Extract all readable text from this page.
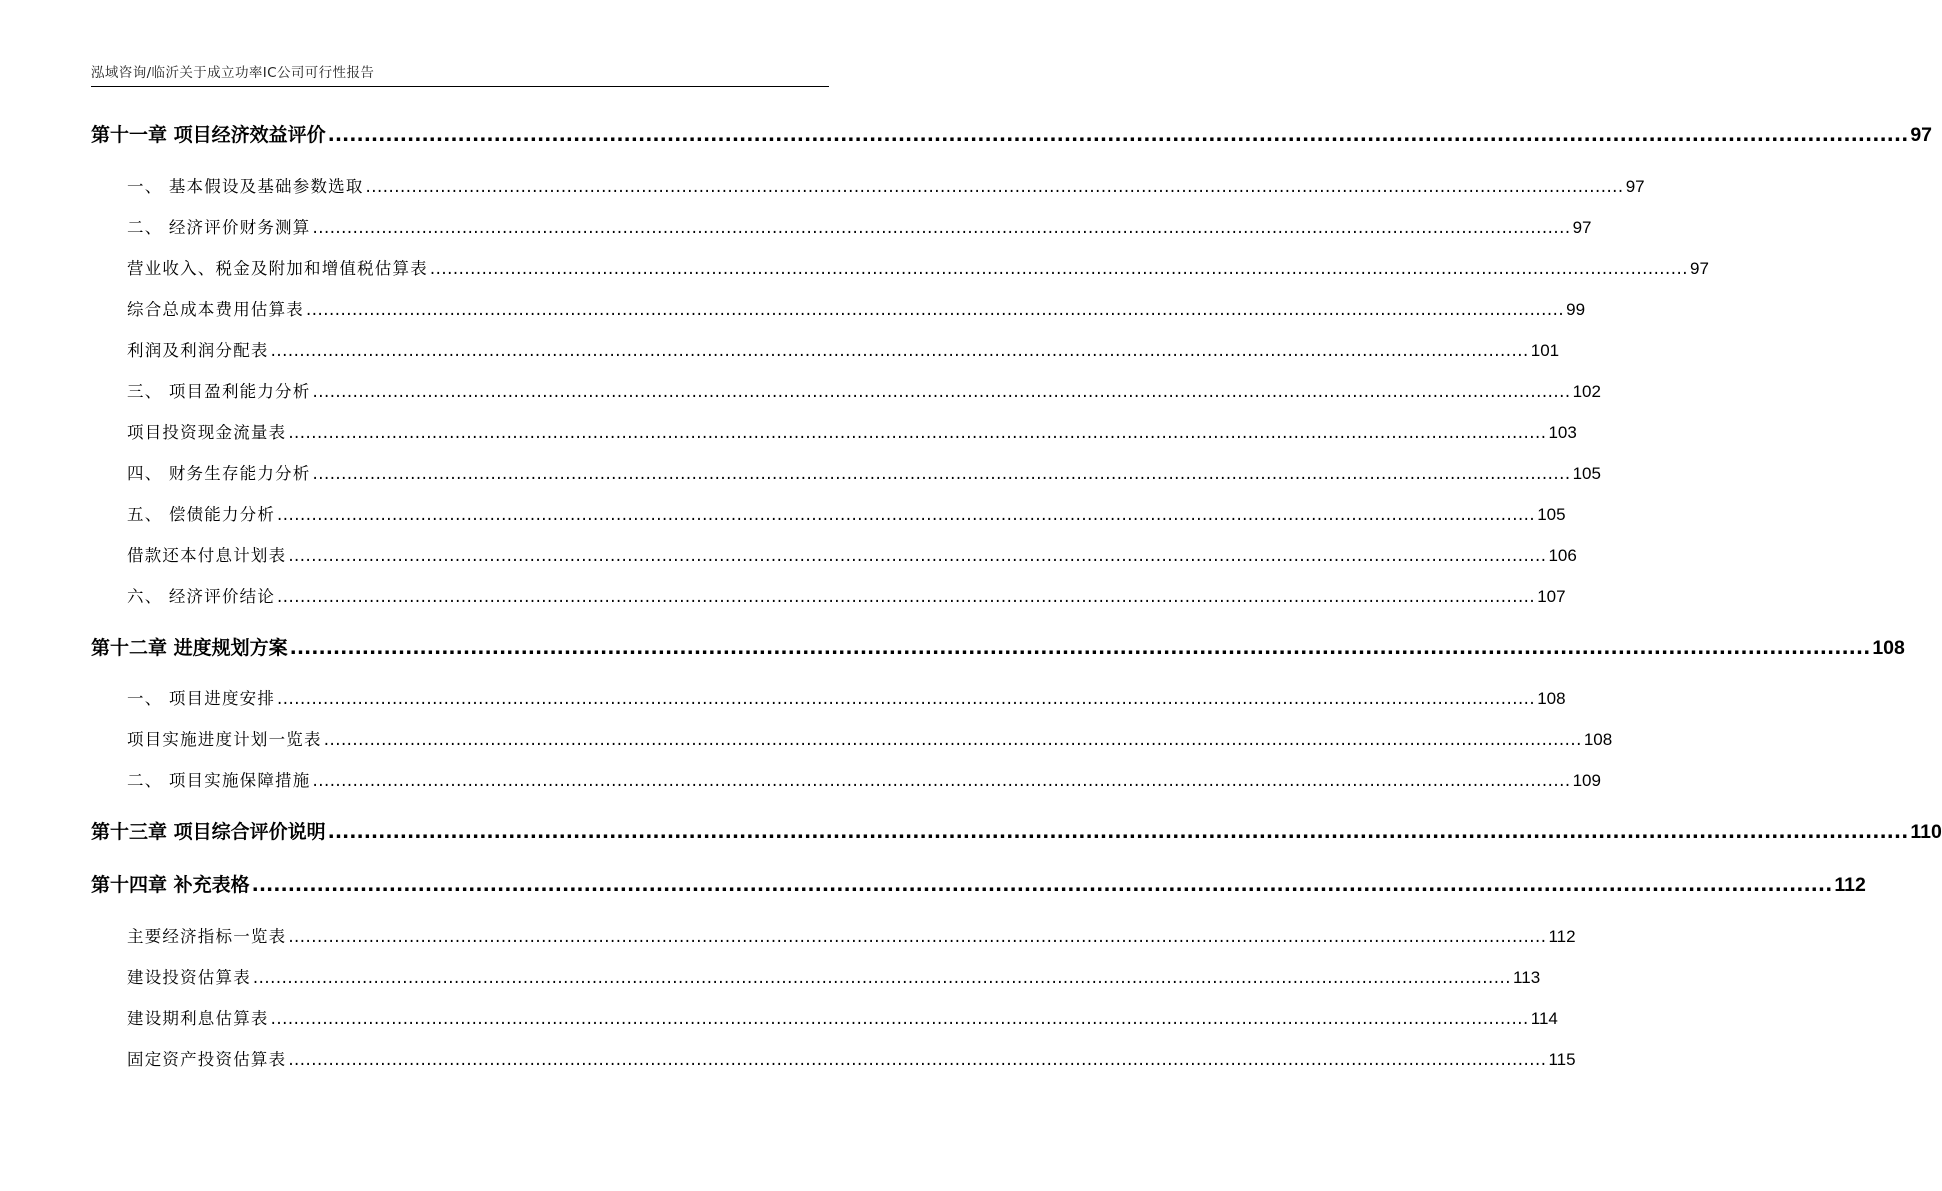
泓域咨询/临沂关于成立功率IC公司可行性报告
第十一章 项目经济效益评价 ........................................................................................................................................................................................................................... 97
一、 基本假设及基础参数选取 ........................................................................................................................................................................................................................... 97
二、 经济评价财务测算 ........................................................................................................................................................................................................................... 97
营业收入、税金及附加和增值税估算表 ........................................................................................................................................................................................................................... 97
综合总成本费用估算表 ........................................................................................................................................................................................................................... 99
利润及利润分配表 ........................................................................................................................................................................................................................... 101
三、 项目盈利能力分析 ........................................................................................................................................................................................................................... 102
项目投资现金流量表 ........................................................................................................................................................................................................................... 103
四、 财务生存能力分析 ........................................................................................................................................................................................................................... 105
五、 偿债能力分析 ........................................................................................................................................................................................................................... 105
借款还本付息计划表 ........................................................................................................................................................................................................................... 106
六、 经济评价结论 ........................................................................................................................................................................................................................... 107
第十二章 进度规划方案 ........................................................................................................................................................................................................................... 108
一、 项目进度安排 ........................................................................................................................................................................................................................... 108
项目实施进度计划一览表 ........................................................................................................................................................................................................................... 108
二、 项目实施保障措施 ........................................................................................................................................................................................................................... 109
第十三章 项目综合评价说明 ........................................................................................................................................................................................................................... 110
第十四章 补充表格 ........................................................................................................................................................................................................................... 112
主要经济指标一览表 ........................................................................................................................................................................................................................... 112
建设投资估算表 ........................................................................................................................................................................................................................... 113
建设期利息估算表 ........................................................................................................................................................................................................................... 114
固定资产投资估算表 ........................................................................................................................................................................................................................... 115
